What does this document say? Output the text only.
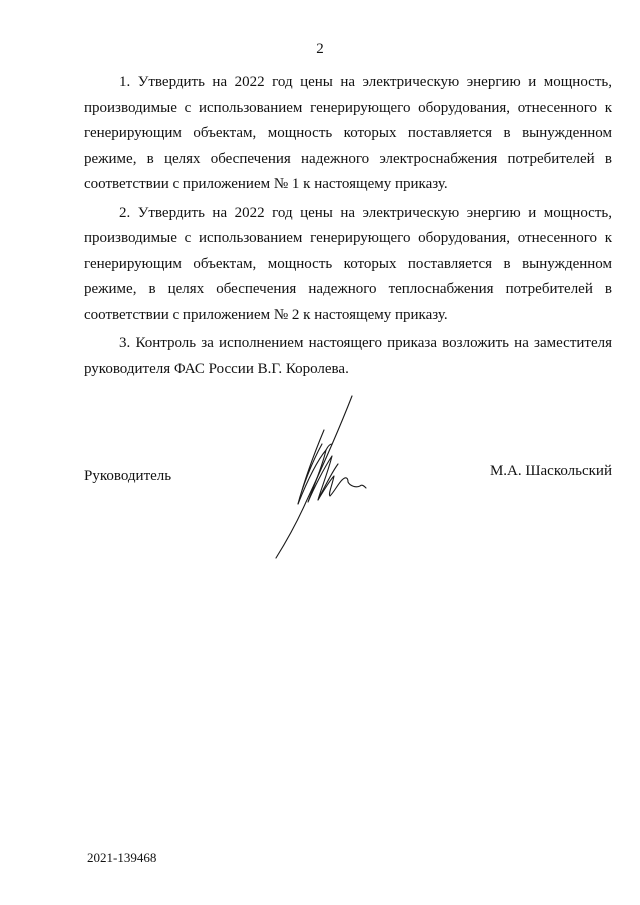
2

1. Утвердить на 2022 год цены на электрическую энергию и мощность, производимые с использованием генерирующего оборудования, отнесенного к генерирующим объектам, мощность которых поставляется в вынужденном режиме, в целях обеспечения надежного электроснабжения потребителей в соответствии с приложением № 1 к настоящему приказу.

2. Утвердить на 2022 год цены на электрическую энергию и мощность, производимые с использованием генерирующего оборудования, отнесенного к генерирующим объектам, мощность которых поставляется в вынужденном режиме, в целях обеспечения надежного теплоснабжения потребителей в соответствии с приложением № 2 к настоящему приказу.

3. Контроль за исполнением настоящего приказа возложить на заместителя руководителя ФАС России В.Г. Королева.

Руководитель	М.А. Шаскольский
2021-139468
